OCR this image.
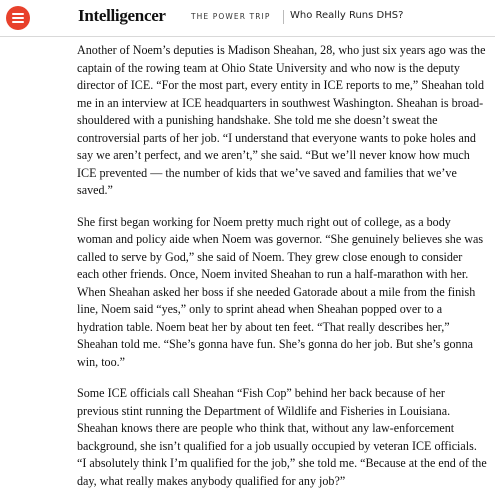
Intelligencer	THE POWER TRIP Who Really Runs DHS?

Another of Noem’s deputies is Madison Sheahan, 28, who just six years ago was the captain of the rowing team at Ohio State University and who now is the deputy director of ICE. “For the most part, every entity in ICE reports to me,” Sheahan told me in an interview at ICE headquarters in southwest Washington. Sheahan is broad-shouldered with a punishing handshake. She told me she doesn’t sweat the controversial parts of her job. “I understand that everyone wants to poke holes and say we aren’t perfect, and we aren’t,” she said. “But we’ll never know how much ICE prevented — the number of kids that we’ve saved and families that we’ve saved.”

She first began working for Noem pretty much right out of college, as a body woman and policy aide when Noem was governor. “She genuinely believes she was called to serve by God,” she said of Noem. They grew close enough to consider each other friends. Once, Noem invited Sheahan to run a half-marathon with her. When Sheahan asked her boss if she needed Gatorade about a mile from the finish line, Noem said “yes,” only to sprint ahead when Sheahan popped over to a hydration table. Noem beat her by about ten feet. “That really describes her,” Sheahan told me. “She’s gonna have fun. She’s gonna do her job. But she’s gonna win, too.”

Some ICE officials call Sheahan “Fish Cop” behind her back because of her previous stint running the Department of Wildlife and Fisheries in Louisiana. Sheahan knows there are people who think that, without any law-enforcement background, she isn’t qualified for a job usually occupied by veteran ICE officials. “I absolutely think I’m qualified for the job,” she told me. “Because at the end of the day, what really makes anybody qualified for any job?”
